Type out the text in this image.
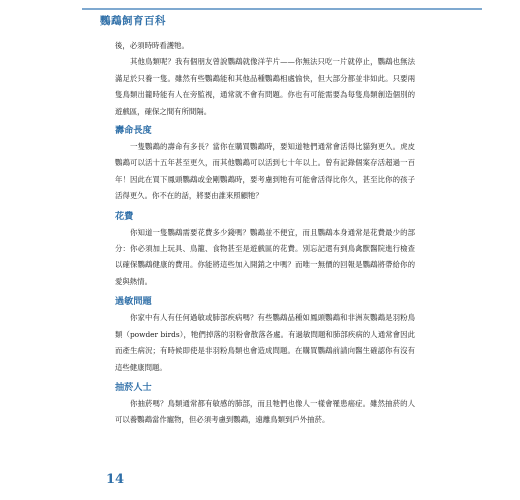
鸚鵡飼育百科

後，必須時時看護牠。

其他鳥類呢？我有個朋友曾說鸚鵡就像洋芋片——你無法只吃一片就停止，鸚鵡也無法滿足於只養一隻。雖然有些鸚鵡能和其他品種鸚鵡相處愉快，但大部分都並非如此。只要兩隻鳥類出籠時能有人在旁監視，通常就不會有問題。你也有可能需要為每隻鳥類創造個別的遊戲區，確保之間有所間隔。

壽命長度

一隻鸚鵡的壽命有多長？當你在購買鸚鵡時，要知道牠們通常會活得比貓狗更久。虎皮鸚鵡可以活十五年甚至更久，而其他鸚鵡可以活到七十年以上。曾有記錄個案存活超過一百年！因此在買下鳳頭鸚鵡或金剛鸚鵡時，要考慮到牠有可能會活得比你久，甚至比你的孩子活得更久。你不在的話，將要由誰來照顧牠？

花費

你知道一隻鸚鵡需要花費多少錢嗎？鸚鵡並不便宜，而且鸚鵡本身通常是花費最少的部分：你必須加上玩具、鳥籠、食物甚至是遊戲區的花費。別忘記還有到鳥禽獸醫院進行檢查以確保鸚鵡健康的費用。你能將這些加入開銷之中嗎？而唯一無價的回報是鸚鵡將帶給你的愛與熱情。

過敏問題

你家中有人有任何過敏或肺部疾病嗎？有些鸚鵡品種如鳳頭鸚鵡和非洲灰鸚鵡是羽粉鳥類（powder birds），牠們掉落的羽粉會散落各處。有過敏問題和肺部疾病的人通常會因此而產生病況；有時候即使是非羽粉鳥類也會造成問題。在購買鸚鵡前請向醫生確認你有沒有這些健康問題。

抽菸人士

你抽菸嗎？鳥類通常都有敏感的肺部，而且牠們也像人一樣會罹患癌症。雖然抽菸的人可以養鸚鵡當作寵物，但必須考慮到鸚鵡，遠離鳥類到戶外抽菸。

14
